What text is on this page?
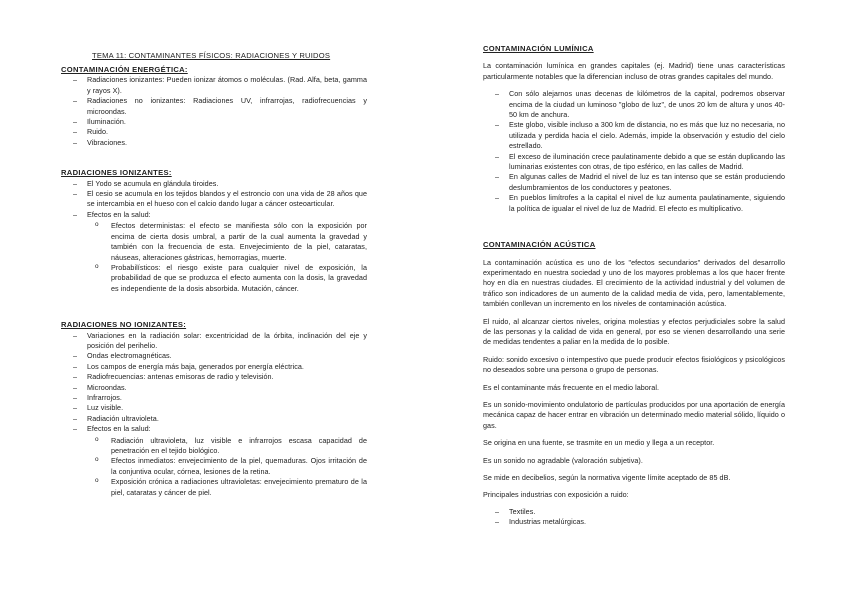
TEMA 11: CONTAMINANTES FÍSICOS: RADIACIONES Y RUIDOS
CONTAMINACIÓN ENERGÉTICA:
– Radiaciones ionizantes: Pueden ionizar átomos o moléculas. (Rad. Alfa, beta, gamma y rayos X).
– Radiaciones no ionizantes: Radiaciones UV, infrarrojas, radiofrecuencias y microondas.
– Iluminación.
– Ruido.
– Vibraciones.
RADIACIONES IONIZANTES:
– El Yodo se acumula en glándula tiroides.
– El cesio se acumula en los tejidos blandos y el estroncio con una vida de 28 años que se intercambia en el hueso con el calcio dando lugar a cáncer osteoarticular.
– Efectos en la salud:
o Efectos deterministas: el efecto se manifiesta sólo con la exposición por encima de cierta dosis umbral, a partir de la cual aumenta la gravedad y también con la frecuencia de esta. Envejecimiento de la piel, cataratas, náuseas, alteraciones gástricas, hemorragias, muerte.
o Probabilísticos: el riesgo existe para cualquier nivel de exposición, la probabilidad de que se produzca el efecto aumenta con la dosis, la gravedad es independiente de la dosis absorbida. Mutación, cáncer.
RADIACIONES NO IONIZANTES:
– Variaciones en la radiación solar: excentricidad de la órbita, inclinación del eje y posición del perihelio.
– Ondas electromagnéticas.
– Los campos de energía más baja, generados por energía eléctrica.
– Radiofrecuencias: antenas emisoras de radio y televisión.
– Microondas.
– Infrarrojos.
– Luz visible.
– Radiación ultravioleta.
– Efectos en la salud:
o Radiación ultravioleta, luz visible e infrarrojos escasa capacidad de penetración en el tejido biológico.
o Efectos inmediatos: envejecimiento de la piel, quemaduras. Ojos irritación de la conjuntiva ocular, córnea, lesiones de la retina.
o Exposición crónica a radiaciones ultravioletas: envejecimiento prematuro de la piel, cataratas y cáncer de piel.
CONTAMINACIÓN LUMÍNICA

La contaminación lumínica en grandes capitales (ej. Madrid) tiene unas características particularmente notables que la diferencian incluso de otras grandes capitales del mundo.

– Con sólo alejarnos unas decenas de kilómetros de la capital, podremos observar encima de la ciudad un luminoso "globo de luz", de unos 20 km de altura y unos 40-50 km de anchura.
– Este globo, visible incluso a 300 km de distancia, no es más que luz no necesaria, no utilizada y perdida hacia el cielo. Además, impide la observación y estudio del cielo estrellado.
– El exceso de iluminación crece paulatinamente debido a que se están duplicando las luminarias existentes con otras, de tipo esférico, en las calles de Madrid.
– En algunas calles de Madrid el nivel de luz es tan intenso que se están produciendo deslumbramientos de los conductores y peatones.
– En pueblos limítrofes a la capital el nivel de luz aumenta paulatinamente, siguiendo la política de igualar el nivel de luz de Madrid. El efecto es multiplicativo.
CONTAMINACIÓN ACÚSTICA

La contaminación acústica es uno de los "efectos secundarios" derivados del desarrollo experimentado en nuestra sociedad y uno de los mayores problemas a los que hacer frente hoy en día en nuestras ciudades. El crecimiento de la actividad industrial y del volumen de tráfico son indicadores de un aumento de la calidad media de vida, pero, lamentablemente, también conllevan un incremento en los niveles de contaminación acústica.

El ruido, al alcanzar ciertos niveles, origina molestias y efectos perjudiciales sobre la salud de las personas y la calidad de vida en general, por eso se vienen desarrollando una serie de medidas tendentes a paliar en la medida de lo posible.

Ruido: sonido excesivo o intempestivo que puede producir efectos fisiológicos y psicológicos no deseados sobre una persona o grupo de personas.

Es el contaminante más frecuente en el medio laboral.

Es un sonido-movimiento ondulatorio de partículas producidos por una aportación de energía mecánica capaz de hacer entrar en vibración un determinado medio material sólido, líquido o gas.

Se origina en una fuente, se trasmite en un medio y llega a un receptor.

Es un sonido no agradable (valoración subjetiva).

Se mide en decibelios, según la normativa vigente límite aceptado de 85 dB.

Principales industrias con exposición a ruido:

– Textiles.
– Industrias metalúrgicas.
